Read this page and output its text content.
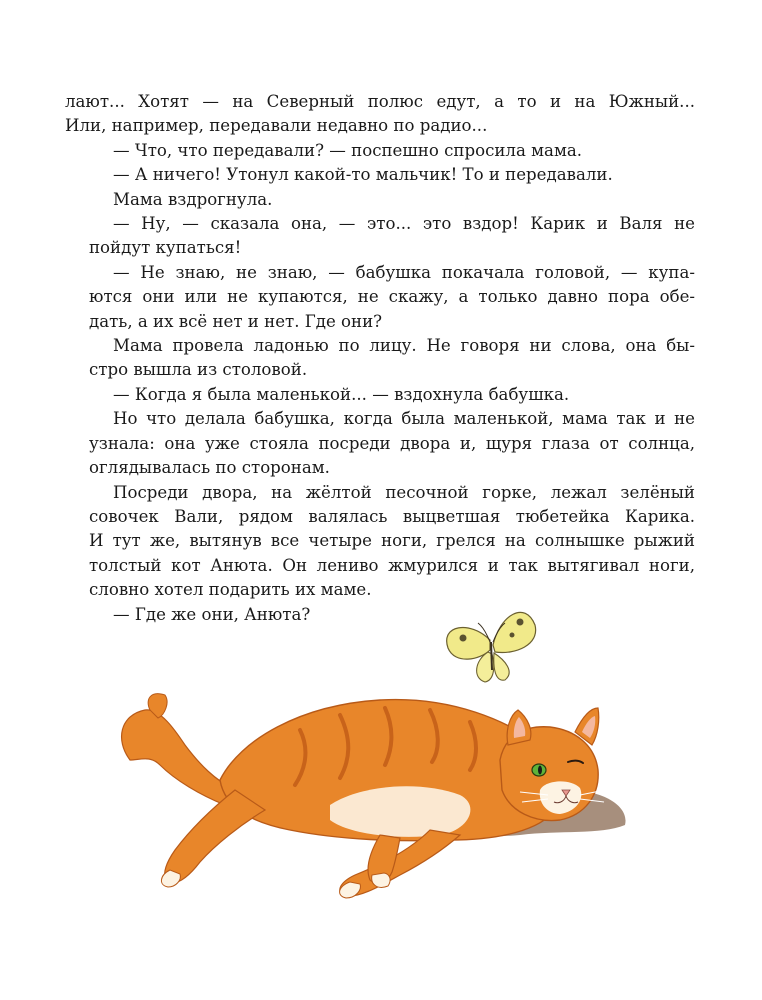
лают... Хотят — на Северный полюс едут, а то и на Южный...
Или, например, передавали недавно по радио...

— Что, что передавали? — поспешно спросила мама.

— А ничего! Утонул какой-то мальчик! То и передавали.

Мама вздрогнула.

— Ну, — сказала она, — это... это вздор! Карик и Валя не
пойдут купаться!

— Не знаю, не знаю, — бабушка покачала головой, — купа-
ются они или не купаются, не скажу, а только давно пора обе-
дать, а их всё нет и нет. Где они?

Мама провела ладонью по лицу. Не говоря ни слова, она бы-
стро вышла из столовой.

— Когда я была маленькой... — вздохнула бабушка.

Но что делала бабушка, когда была маленькой, мама так и не
узнала: она уже стояла посреди двора и, щуря глаза от солнца,
оглядывалась по сторонам.

Посреди двора, на жёлтой песочной горке, лежал зелёный
совочек Вали, рядом валялась выцветшая тюбетейка Карика.
И тут же, вытянув все четыре ноги, грелся на солнышке рыжий
толстый кот Анюта. Он лениво жмурился и так вытягивал ноги,
словно хотел подарить их маме.

— Где же они, Анюта?
